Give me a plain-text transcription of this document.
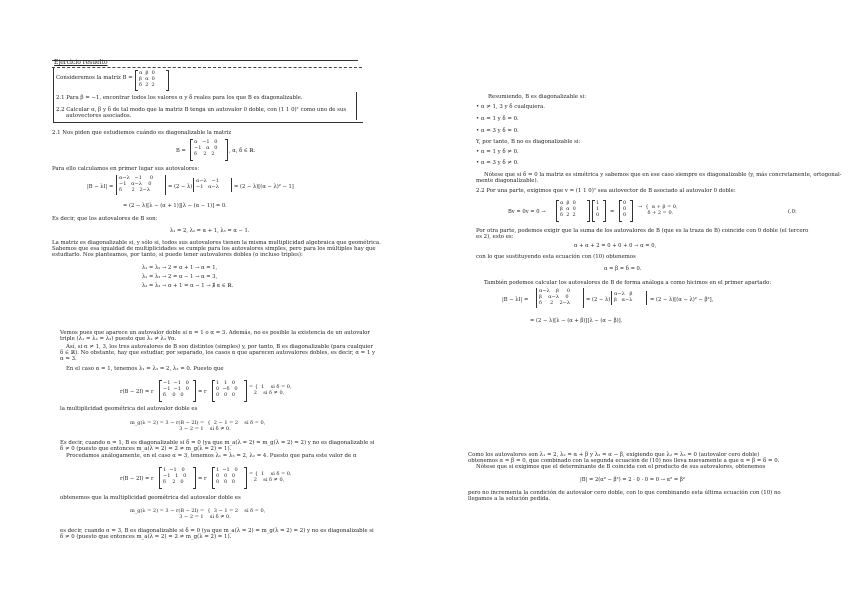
Ejercicio resuelto
Consideremos la matriz B =
α  β  0
β  α  0
δ  2  2
2.1 Para β = −1, encontrar todos los valores α y δ reales para los que B es diagonalizable.
2.2 Calcular α, β y δ de tal modo que la matriz B tenga un autovalor 0 doble, con (1 1 0)ᵀ como uno de sus
autovectores asociados.
2.1 Nos piden que estudiemos cuándo es diagonalizable la matriz
B =
α   −1   0
−1   α   0
δ    2   2	, α, δ ∈ ℝ.
Para ello calculamos en primer lugar sus autovalores:
|B − λI| =
α−λ   −1     0
−1   α−λ    0
δ      2   2−λ	= (2 − λ)
α−λ   −1
−1   α−λ	= (2 − λ)[(α − λ)² − 1]
= (2 − λ)[λ − (α + 1)][λ − (α − 1)] = 0.
Es decir, que los autovalores de B son:
λ₁ = 2, λ₂ = α + 1, λ₃ = α − 1.
La matriz es diagonalizable si, y sólo si, todos sus autovalores tienen la misma multiplicidad algebraica que geométrica.
Sabemos que esa igualdad de multiplicidades se cumple para los autovalores simples, pero para los múltiples hay que
estudiarlo. Nos planteamos, por tanto, si puede tener autovalores dobles (o incluso triples):
λ₁ = λ₂ → 2 = α + 1 → α = 1,
λ₁ = λ₃ → 2 = α − 1 → α = 3,
λ₂ = λ₃ → α + 1 = α − 1 → ∄ α ∈ ℝ.
Vemos pues que aparece un autovalor doble si α = 1 o α = 3. Además, no es posible la existencia de un autovalor
triple (λ₁ = λ₂ = λ₃) puesto que λ₂ ≠ λ₃ ∀α.
Así, si α ≠ 1, 3, los tres autovalores de B son distintos (simples) y, por tanto, B es diagonalizable (para cualquier
δ ∈ ℝ). No obstante, hay que estudiar, por separado, los casos α que aparecen autovalores dobles, es decir, α = 1 y
α = 3.
En el caso α = 1, tenemos λ₁ = λ₂ = 2, λ₃ = 0. Puesto que
r(B − 2I) = r
−1  −1   0
−1  −1   0
δ    0   0	= r
1   1   0
0  −δ   0
0   0   0
= {  1    si δ = 0,
2    si δ ≠ 0,
la multiplicidad geométrica del autovalor doble es
m_g(λ = 2) = 3 − r(B − 2I) =  {  2 − 1 = 2    si δ = 0,
3 − 2 = 1    si δ ≠ 0.
Es decir, cuando α = 1, B es diagonalizable si δ = 0 (ya que m_a(λ = 2) = m_g(λ = 2) = 2) y no es diagonalizable si
δ ≠ 0 (puesto que entonces m_a(λ = 2) = 2 ≠ m_g(λ = 2) = 1).
Procedamos análogamente, en el caso α = 3, tenemos λ₁ = λ₃ = 2, λ₂ = 4. Puesto que para este valor de α
r(B − 2I) = r
1  −1   0
−1   1   0
δ    2   0	= r
1  −1   0
0   0   0
0   0   0
= {  1    si δ = 0,
2    si δ ≠ 0,
obtenemos que la multiplicidad geométrica del autovalor doble es
m_g(λ = 2) = 3 − r(B − 2I) =  {  3 − 1 = 2    si δ = 0,
3 − 2 = 1    si δ ≠ 0.
es decir, cuando α = 3, B es diagonalizable si δ = 0 (ya que m_a(λ = 2) = m_g(λ = 2) = 2) y no es diagonalizable si
δ ≠ 0 (puesto que entonces m_a(λ = 2) = 2 ≠ m_g(λ = 2) = 1).
Resumiendo, B es diagonalizable si:
• α ≠ 1, 3 y δ cualquiera.
• α = 1 y δ = 0.
• α = 3 y δ = 0.
Y, por tanto, B no es diagonalizable si:
• α = 1 y δ ≠ 0.
• α = 3 y δ ≠ 0.
Nótese que si δ = 0 la matriz es simétrica y sabemos que en ese caso siempre es diagonalizable (y, más concretamente, ortogonal-
mente diagonalizable).
2.2 Por una parte, exigimos que v = (1 1 0)ᵀ sea autovector de B asociado al autovalor 0 doble:
Bv = 0v = 0 →
α  β  0
β  α  0
δ  2  2
1
1
0 =
0
0
0
→  {  α + β = 0,
δ + 2 = 0.	(.0:
Por otra parte, podemos exigir que la suma de los autovalores de B (que es la traza de B) coincide con 0 doble (el tercero
es 2), esto es:
α + α + 2 = 0 + 0 + 0 → α = 0,
con lo que sustituyendo esta ecuación con (10) obtenemos
α = β = δ = 0.
También podemos calcular los autovalores de B de forma análoga a como hicimos en el primer apartado:
|B − λI| =
α−λ    β     0
β    α−λ    0
δ     2    2−λ	= (2 − λ)
α−λ   β
β   α−λ	= (2 − λ)[(α − λ)² − β²],
= (2 − λ)[λ − (α + β)][λ − (α − β)].
Como los autovalores son λ₁ = 2, λ₂ = α + β y λ₃ = α − β, exigiendo que λ₂ = λ₃ = 0 (autovalor cero doble)
obtenemos α = β = 0, que combinado con la segunda ecuación de (10) nos lleva nuevamente a que α = β = δ = 0.
Nótese que si exigimos que el determinante de B coincida con el producto de sus autovalores, obtenemos
|B| = 2(α² − β²) = 2 · 0 · 0 = 0 → α² = β²
pero no incrementa la condición de autovalor cero doble, con lo que combinando esta última ecuación con (10) no
llegamos a la solución pedida.
